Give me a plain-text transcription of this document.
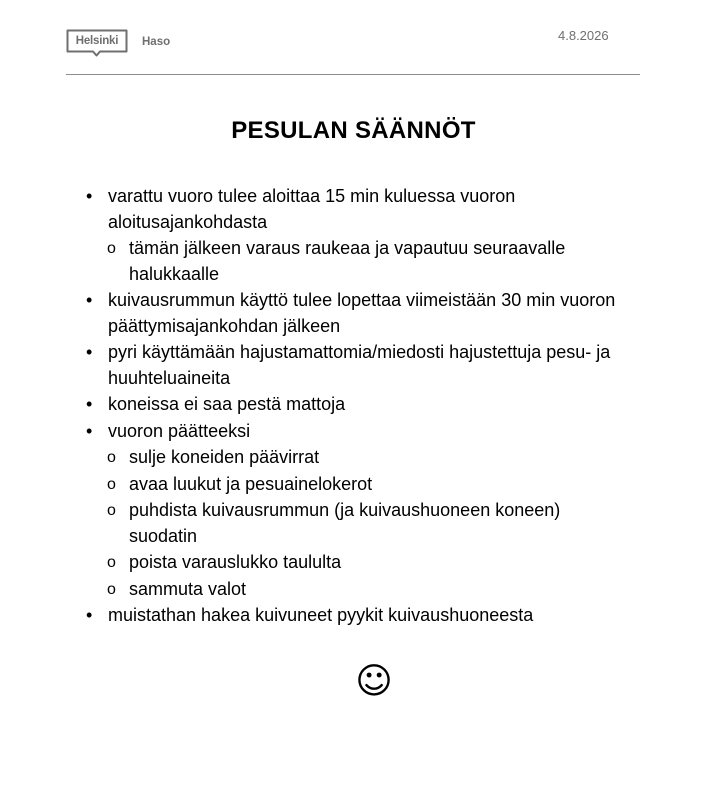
Helsinki	Haso	4.8.2026
PESULAN SÄÄNNÖT
• varattu vuoro tulee aloittaa 15 min kuluessa vuoron aloitusajankohdasta
o tämän jälkeen varaus raukeaa ja vapautuu seuraavalle halukkaalle
• kuivausrummun käyttö tulee lopettaa viimeistään 30 min vuoron päättymisajankohdan jälkeen
• pyri käyttämään hajustamattomia/miedosti hajustettuja pesu- ja huuhteluaineita
• koneissa ei saa pestä mattoja
• vuoron päätteeksi
o sulje koneiden päävirrat
o avaa luukut ja pesuainelokerot
o puhdista kuivausrummun (ja kuivaushuoneen koneen) suodatin
o poista varauslukko taululta
o sammuta valot
• muistathan hakea kuivuneet pyykit kuivaushuoneesta
☺
